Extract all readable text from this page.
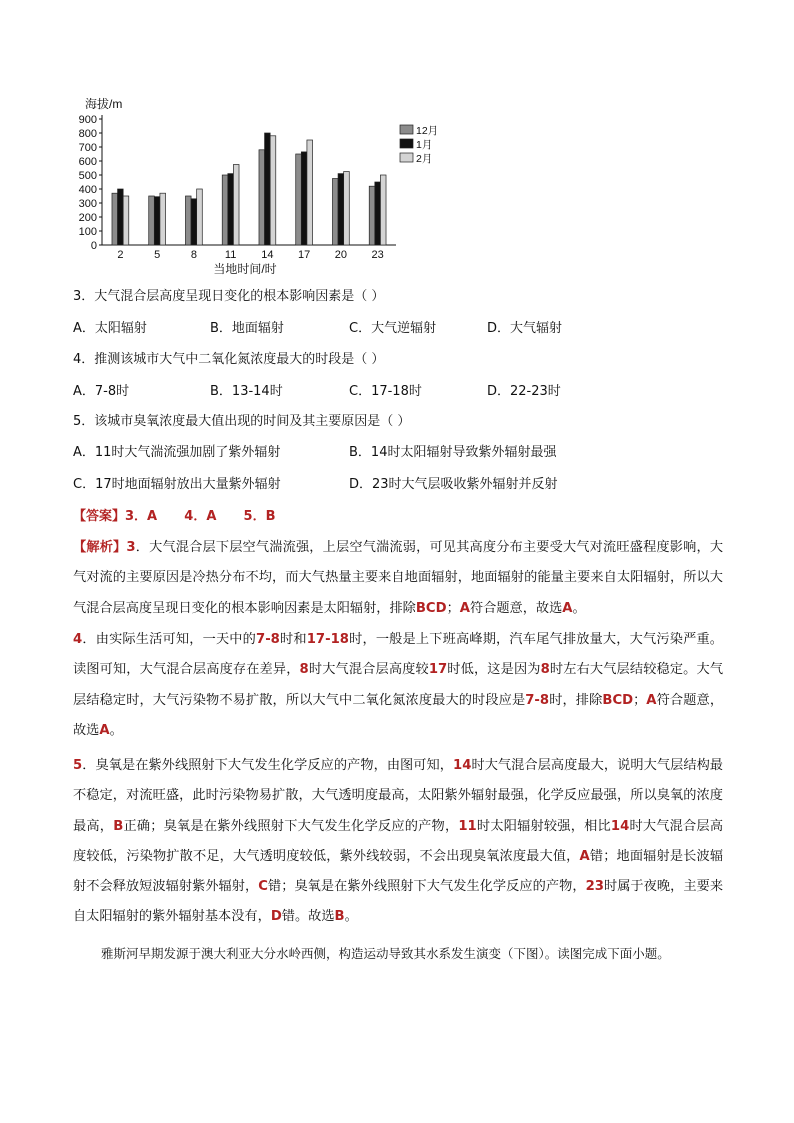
海拔/m
0
100
200
300
400
500
600
700
800
900
2	5	8	11 14 17 20 23
当地时间/时
12月
1月
2月
3．大气混合层高度呈现日变化的根本影响因素是（ ）
A．太阳辐射	B．地面辐射	C．大气逆辐射	D．大气辐射
4．推测该城市大气中二氧化氮浓度最大的时段是（ ）
A．7-8时	B．13-14时	C．17-18时	D．22-23时
5．该城市臭氧浓度最大值出现的时间及其主要原因是（ ）
A．11时大气湍流强加剧了紫外辐射	B．14时太阳辐射导致紫外辐射最强
C．17时地面辐射放出大量紫外辐射	D．23时大气层吸收紫外辐射并反射
【答案】3．A      4．A      5．B
【解析】3．大气混合层下层空气湍流强，上层空气湍流弱，可见其高度分布主要受大气对流旺盛程度影响，大气对流的主要原因是冷热分布不均，而大气热量主要来自地面辐射，地面辐射的能量主要来自太阳辐射，所以大气混合层高度呈现日变化的根本影响因素是太阳辐射，排除BCD；A符合题意，故选A。
4．由实际生活可知，一天中的7-8时和17-18时，一般是上下班高峰期，汽车尾气排放量大，大气污染严重。读图可知，大气混合层高度存在差异，8时大气混合层高度较17时低，这是因为8时左右大气层结较稳定。大气层结稳定时，大气污染物不易扩散，所以大气中二氧化氮浓度最大的时段应是7-8时，排除BCD；A符合题意，故选A。
5．臭氧是在紫外线照射下大气发生化学反应的产物，由图可知，14时大气混合层高度最大，说明大气层结构最不稳定，对流旺盛，此时污染物易扩散，大气透明度最高，太阳紫外辐射最强，化学反应最强，所以臭氧的浓度最高，B正确；臭氧是在紫外线照射下大气发生化学反应的产物，11时太阳辐射较强，相比14时大气混合层高度较低，污染物扩散不足，大气透明度较低，紫外线较弱，不会出现臭氧浓度最大值，A错；地面辐射是长波辐射不会释放短波辐射紫外辐射，C错；臭氧是在紫外线照射下大气发生化学反应的产物，23时属于夜晚，主要来自太阳辐射的紫外辐射基本没有，D错。故选B。
雅斯河早期发源于澳大利亚大分水岭西侧，构造运动导致其水系发生演变（下图）。读图完成下面小题。
